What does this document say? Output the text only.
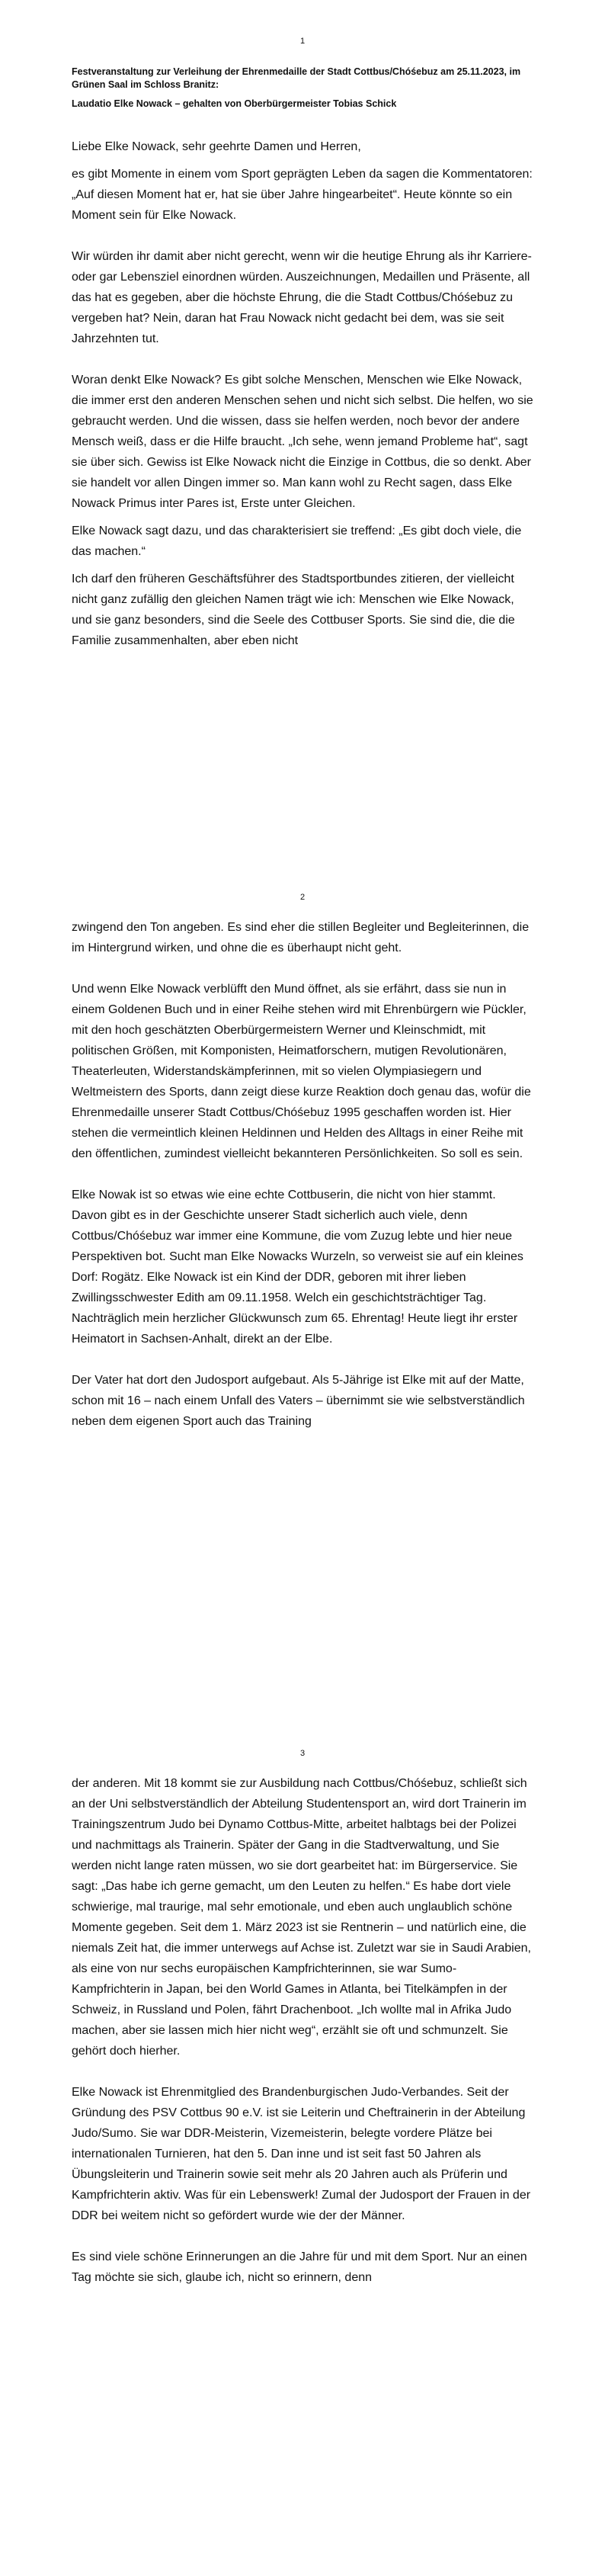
1

Festveranstaltung zur Verleihung der Ehrenmedaille der Stadt Cottbus/Chóśebuz am 25.11.2023, im Grünen Saal im Schloss Branitz:

Laudatio Elke Nowack – gehalten von Oberbürgermeister Tobias Schick

Liebe Elke Nowack, sehr geehrte Damen und Herren,

es gibt Momente in einem vom Sport geprägten Leben da sagen die Kommentatoren: „Auf diesen Moment hat er, hat sie über Jahre hingearbeitet“. Heute könnte so ein Moment sein für Elke Nowack.

Wir würden ihr damit aber nicht gerecht, wenn wir die heutige Ehrung als ihr Karriere- oder gar Lebensziel einordnen würden. Auszeichnungen, Medaillen und Präsente, all das hat es gegeben, aber die höchste Ehrung, die die Stadt Cottbus/Chóśebuz zu vergeben hat? Nein, daran hat Frau Nowack nicht gedacht bei dem, was sie seit Jahrzehnten tut.

Woran denkt Elke Nowack? Es gibt solche Menschen, Menschen wie Elke Nowack, die immer erst den anderen Menschen sehen und nicht sich selbst. Die helfen, wo sie gebraucht werden. Und die wissen, dass sie helfen werden, noch bevor der andere Mensch weiß, dass er die Hilfe braucht. „Ich sehe, wenn jemand Probleme hat“, sagt sie über sich. Gewiss ist Elke Nowack nicht die Einzige in Cottbus, die so denkt. Aber sie handelt vor allen Dingen immer so. Man kann wohl zu Recht sagen, dass Elke Nowack Primus inter Pares ist, Erste unter Gleichen.

Elke Nowack sagt dazu, und das charakterisiert sie treffend: „Es gibt doch viele, die das machen.“

Ich darf den früheren Geschäftsführer des Stadtsportbundes zitieren, der vielleicht nicht ganz zufällig den gleichen Namen trägt wie ich: Menschen wie Elke Nowack, und sie ganz besonders, sind die Seele des Cottbuser Sports. Sie sind die, die die Familie zusammenhalten, aber eben nicht

2

zwingend den Ton angeben. Es sind eher die stillen Begleiter und Begleiterinnen, die im Hintergrund wirken, und ohne die es überhaupt nicht geht.

Und wenn Elke Nowack verblüfft den Mund öffnet, als sie erfährt, dass sie nun in einem Goldenen Buch und in einer Reihe stehen wird mit Ehrenbürgern wie Pückler, mit den hoch geschätzten Oberbürgermeistern Werner und Kleinschmidt, mit politischen Größen, mit Komponisten, Heimatforschern, mutigen Revolutionären, Theaterleuten, Widerstandskämpferinnen, mit so vielen Olympiasiegern und Weltmeistern des Sports, dann zeigt diese kurze Reaktion doch genau das, wofür die Ehrenmedaille unserer Stadt Cottbus/Chóśebuz 1995 geschaffen worden ist. Hier stehen die vermeintlich kleinen Heldinnen und Helden des Alltags in einer Reihe mit den öffentlichen, zumindest vielleicht bekannteren Persönlichkeiten. So soll es sein.

Elke Nowak ist so etwas wie eine echte Cottbuserin, die nicht von hier stammt. Davon gibt es in der Geschichte unserer Stadt sicherlich auch viele, denn Cottbus/Chóśebuz war immer eine Kommune, die vom Zuzug lebte und hier neue Perspektiven bot. Sucht man Elke Nowacks Wurzeln, so verweist sie auf ein kleines Dorf: Rogätz. Elke Nowack ist ein Kind der DDR, geboren mit ihrer lieben Zwillingsschwester Edith am 09.11.1958. Welch ein geschichtsträchtiger Tag. Nachträglich mein herzlicher Glückwunsch zum 65. Ehrentag! Heute liegt ihr erster Heimatort in Sachsen-Anhalt, direkt an der Elbe.

Der Vater hat dort den Judosport aufgebaut. Als 5-Jährige ist Elke mit auf der Matte, schon mit 16 – nach einem Unfall des Vaters – übernimmt sie wie selbstverständlich neben dem eigenen Sport auch das Training

3

der anderen. Mit 18 kommt sie zur Ausbildung nach Cottbus/Chóśebuz, schließt sich an der Uni selbstverständlich der Abteilung Studentensport an, wird dort Trainerin im Trainingszentrum Judo bei Dynamo Cottbus-Mitte, arbeitet halbtags bei der Polizei und nachmittags als Trainerin. Später der Gang in die Stadtverwaltung, und Sie werden nicht lange raten müssen, wo sie dort gearbeitet hat: im Bürgerservice. Sie sagt: „Das habe ich gerne gemacht, um den Leuten zu helfen.“ Es habe dort viele schwierige, mal traurige, mal sehr emotionale, und eben auch unglaublich schöne Momente gegeben. Seit dem 1. März 2023 ist sie Rentnerin – und natürlich eine, die niemals Zeit hat, die immer unterwegs auf Achse ist. Zuletzt war sie in Saudi Arabien, als eine von nur sechs europäischen Kampfrichterinnen, sie war Sumo-Kampfrichterin in Japan, bei den World Games in Atlanta, bei Titelkämpfen in der Schweiz, in Russland und Polen, fährt Drachenboot. „Ich wollte mal in Afrika Judo machen, aber sie lassen mich hier nicht weg“, erzählt sie oft und schmunzelt. Sie gehört doch hierher.

Elke Nowack ist Ehrenmitglied des Brandenburgischen Judo-Verbandes. Seit der Gründung des PSV Cottbus 90 e.V. ist sie Leiterin und Cheftrainerin in der Abteilung Judo/Sumo. Sie war DDR-Meisterin, Vizemeisterin, belegte vordere Plätze bei internationalen Turnieren, hat den 5. Dan inne und ist seit fast 50 Jahren als Übungsleiterin und Trainerin sowie seit mehr als 20 Jahren auch als Prüferin und Kampfrichterin aktiv. Was für ein Lebenswerk! Zumal der Judosport der Frauen in der DDR bei weitem nicht so gefördert wurde wie der der Männer.

Es sind viele schöne Erinnerungen an die Jahre für und mit dem Sport. Nur an einen Tag möchte sie sich, glaube ich, nicht so erinnern, denn
